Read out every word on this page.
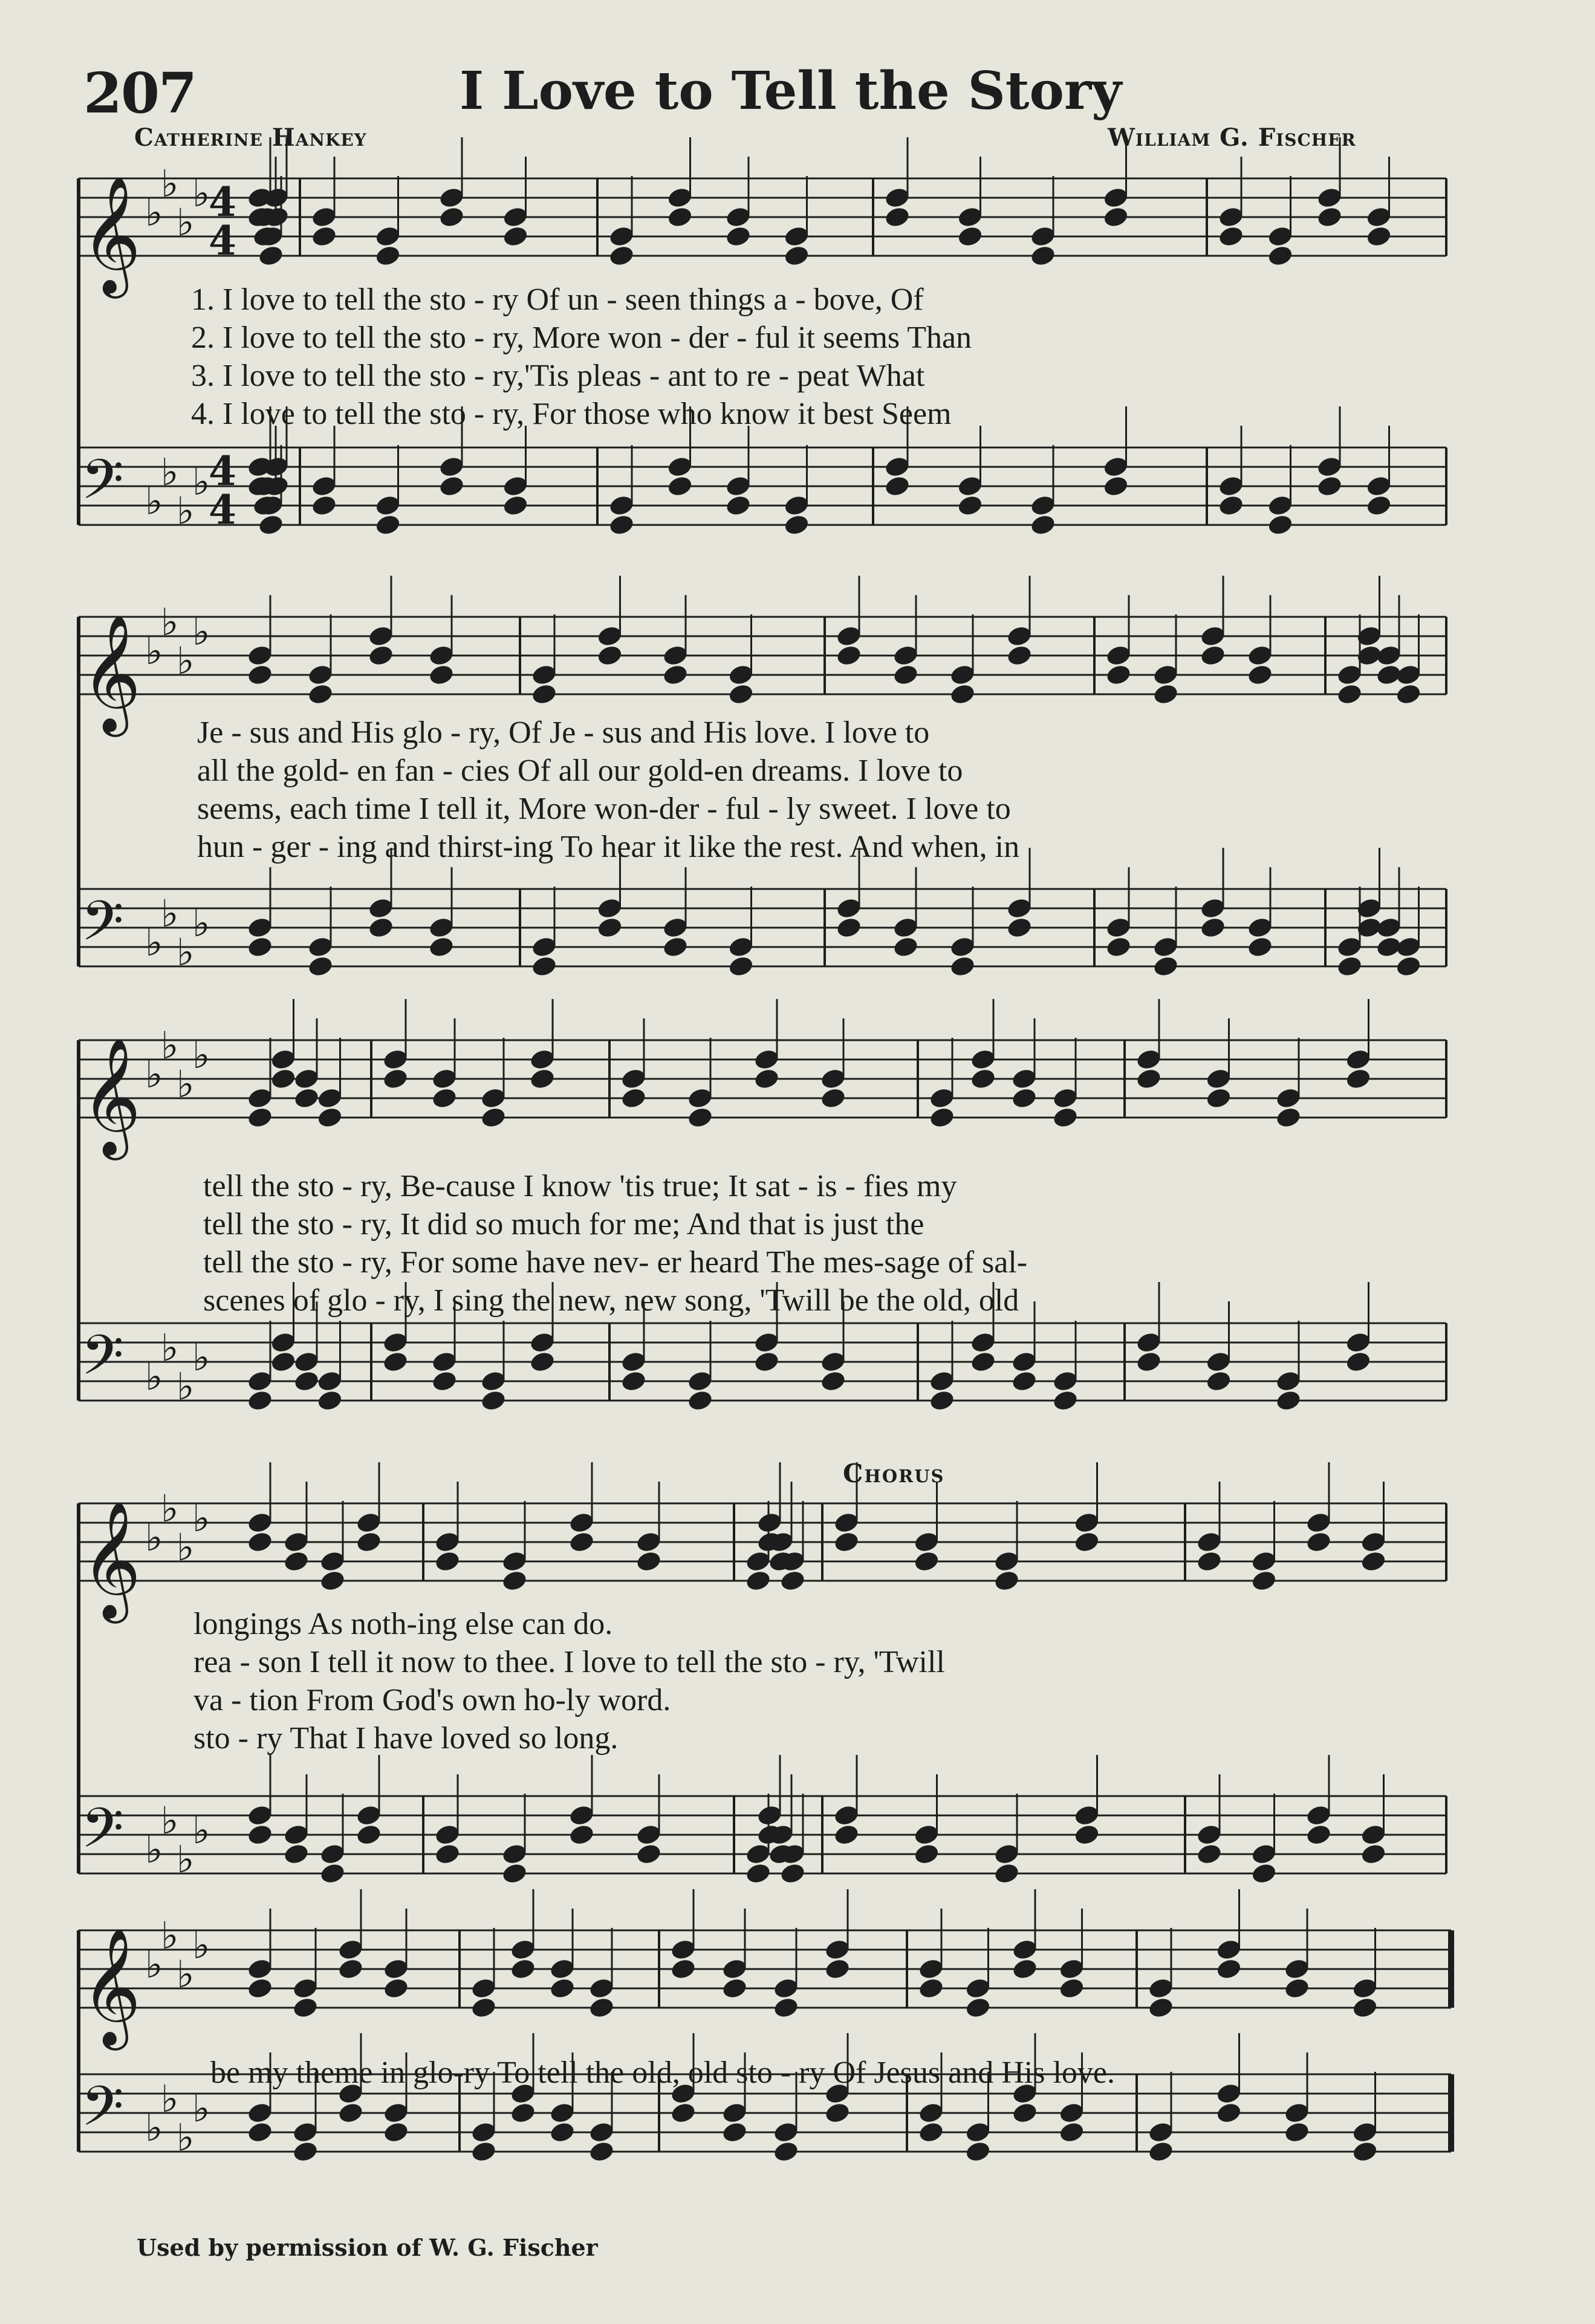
207	I Love to Tell the Story
Catherine Hankey	William G. Fischer
𝄞 ♭
♭
♭
♭
𝄢 ♭
♭
♭
♭
𝄞 ♭
♭
♭
♭
𝄢 ♭
♭
♭
♭
𝄞 ♭
♭
♭
♭
𝄢 ♭
♭
♭
♭
𝄞 ♭
♭
♭
♭
𝄢 ♭
♭
♭
♭
𝄞 ♭
♭
♭
♭
𝄢 ♭
♭
♭
♭
4
4
4
4
1. I love to tell the sto - ry Of un - seen things a - bove, Of
2. I love to tell the sto - ry, More won - der - ful it seems Than
3. I love to tell the sto - ry,'Tis pleas - ant to re - peat What
4. I love to tell the sto - ry, For those who know it best Seem
Je - sus and His glo - ry, Of Je - sus and His love. I love to
all the gold- en fan - cies Of all our gold-en dreams. I love to
seems, each time I tell it, More won-der - ful - ly sweet. I love to
hun - ger - ing and thirst-ing To hear it like the rest. And when, in
tell the sto - ry, Be-cause I know 'tis true; It sat - is - fies my
tell the sto - ry, It did so much for me; And that is just the
tell the sto - ry, For some have nev- er heard The mes-sage of sal-
scenes of glo - ry, I sing the new, new song, 'Twill be the old, old
Chorus
longings As noth-ing else can do.
rea - son I tell it now to thee. I love to tell the sto - ry, 'Twill
va - tion From God's own ho-ly word.
sto - ry That I have loved so long.
be my theme in glo-ry To tell the old, old sto - ry Of Jesus and His love.
Used by permission of W. G. Fischer
